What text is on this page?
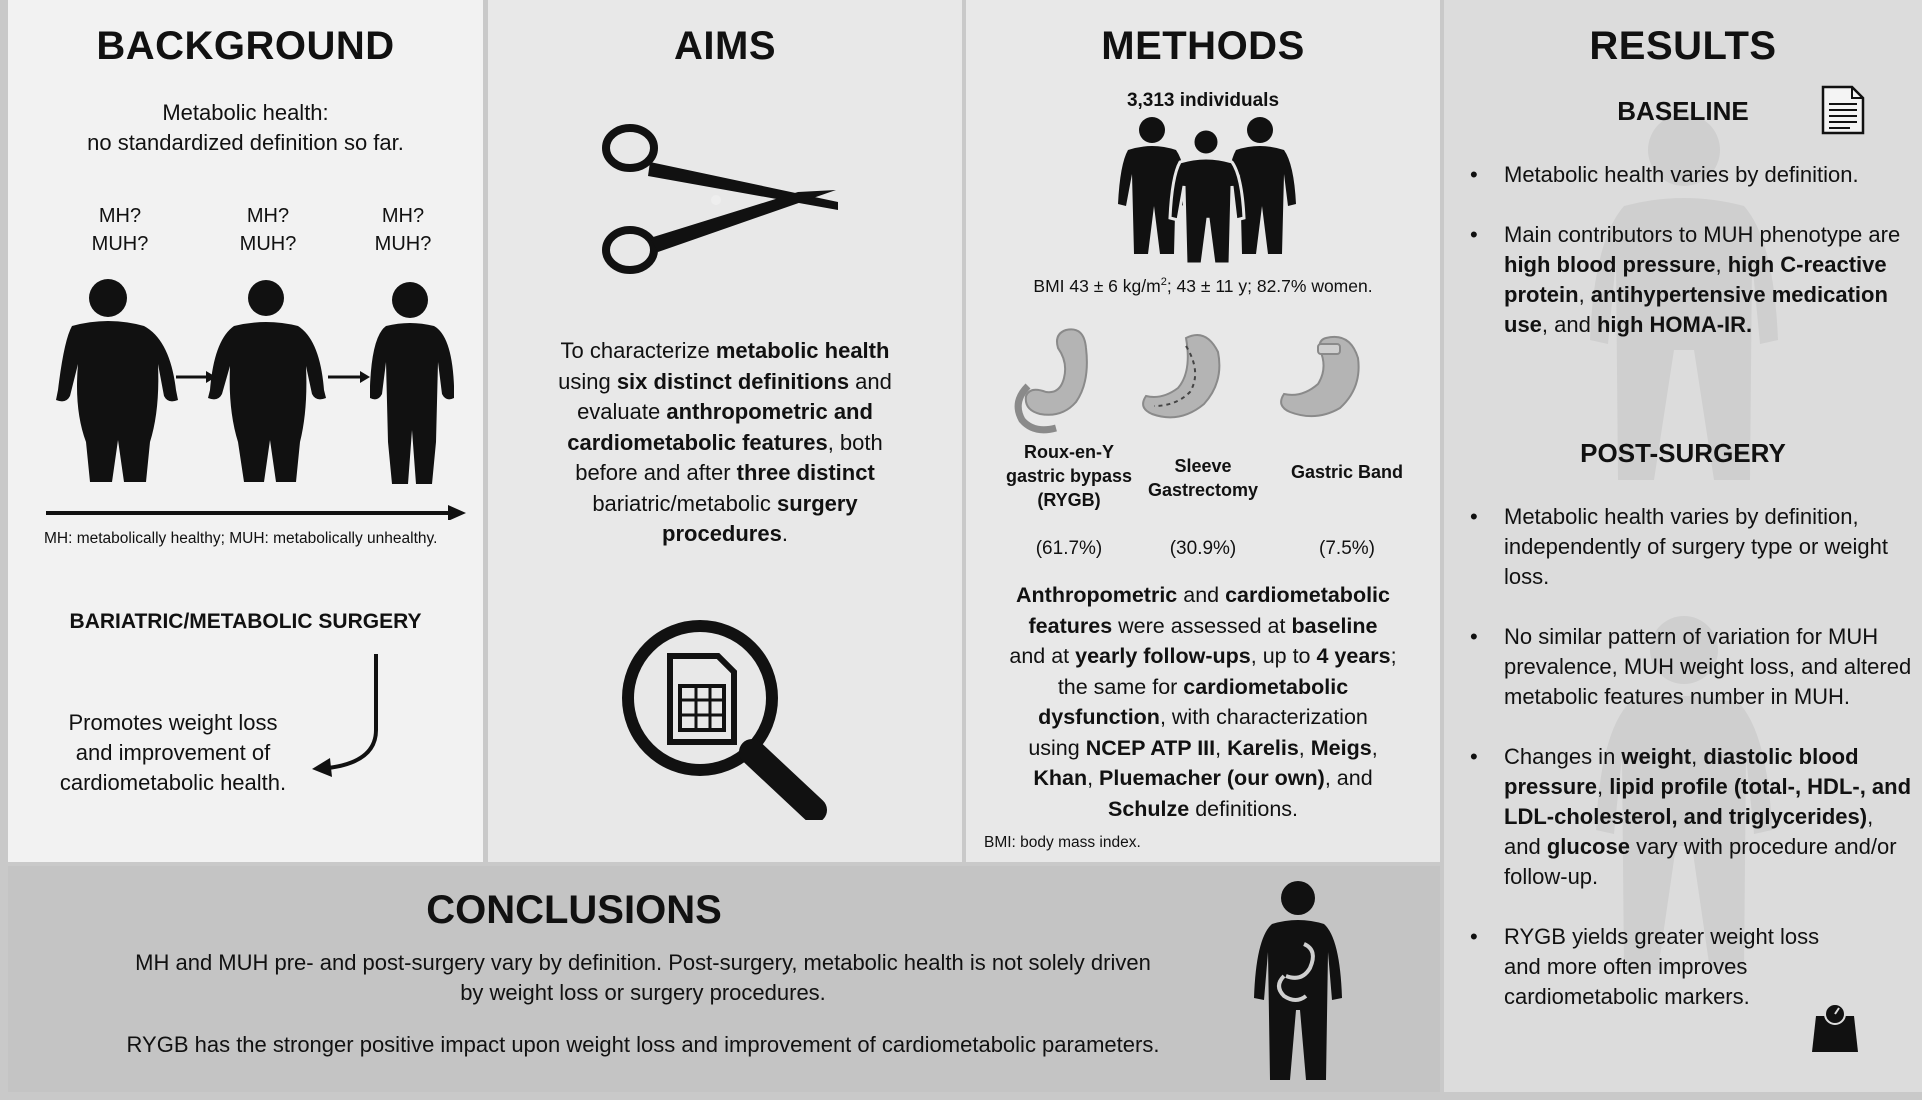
BACKGROUND
Metabolic health:
no standardized definition so far.
MH?
MUH?
MH?
MUH?
MH?
MUH?
MH: metabolically healthy; MUH: metabolically unhealthy.
BARIATRIC/METABOLIC SURGERY
Promotes weight loss
and improvement of
cardiometabolic health.
AIMS
To characterize metabolic health
using six distinct definitions and
evaluate anthropometric and
cardiometabolic features, both
before and after three distinct
bariatric/metabolic surgery
procedures.
METHODS
3,313 individuals
BMI 43 ± 6 $kg/m^2$; 43 ± 11 y; 82.7% women.
Roux-en-Y
gastric bypass
(RYGB)
Sleeve
Gastrectomy
Gastric Band
(61.7%)	(30.9%)	(7.5%)
Anthropometric and cardiometabolic
features were assessed at baseline
and at yearly follow-ups, up to 4 years;
the same for cardiometabolic
dysfunction, with characterization
using NCEP ATP III, Karelis, Meigs,
Khan, Pluemacher (our own), and
Schulze definitions.
BMI: body mass index.
RESULTS
BASELINE
• Metabolic health varies by definition.
• Main contributors to MUH phenotype are high blood pressure, high C-reactive protein, antihypertensive medication use, and high HOMA-IR.
POST-SURGERY
• Metabolic health varies by definition, independently of surgery type or weight loss.
• No similar pattern of variation for MUH prevalence, MUH weight loss, and altered metabolic features number in MUH.
• Changes in weight, diastolic blood pressure, lipid profile (total-, HDL-, and LDL-cholesterol, and triglycerides), and glucose vary with procedure and/or follow-up.
• RYGB yields greater weight loss and more often improves cardiometabolic markers.
CONCLUSIONS
MH and MUH pre- and post-surgery vary by definition. Post-surgery, metabolic health is not solely driven
by weight loss or surgery procedures.
RYGB has the stronger positive impact upon weight loss and improvement of cardiometabolic parameters.
